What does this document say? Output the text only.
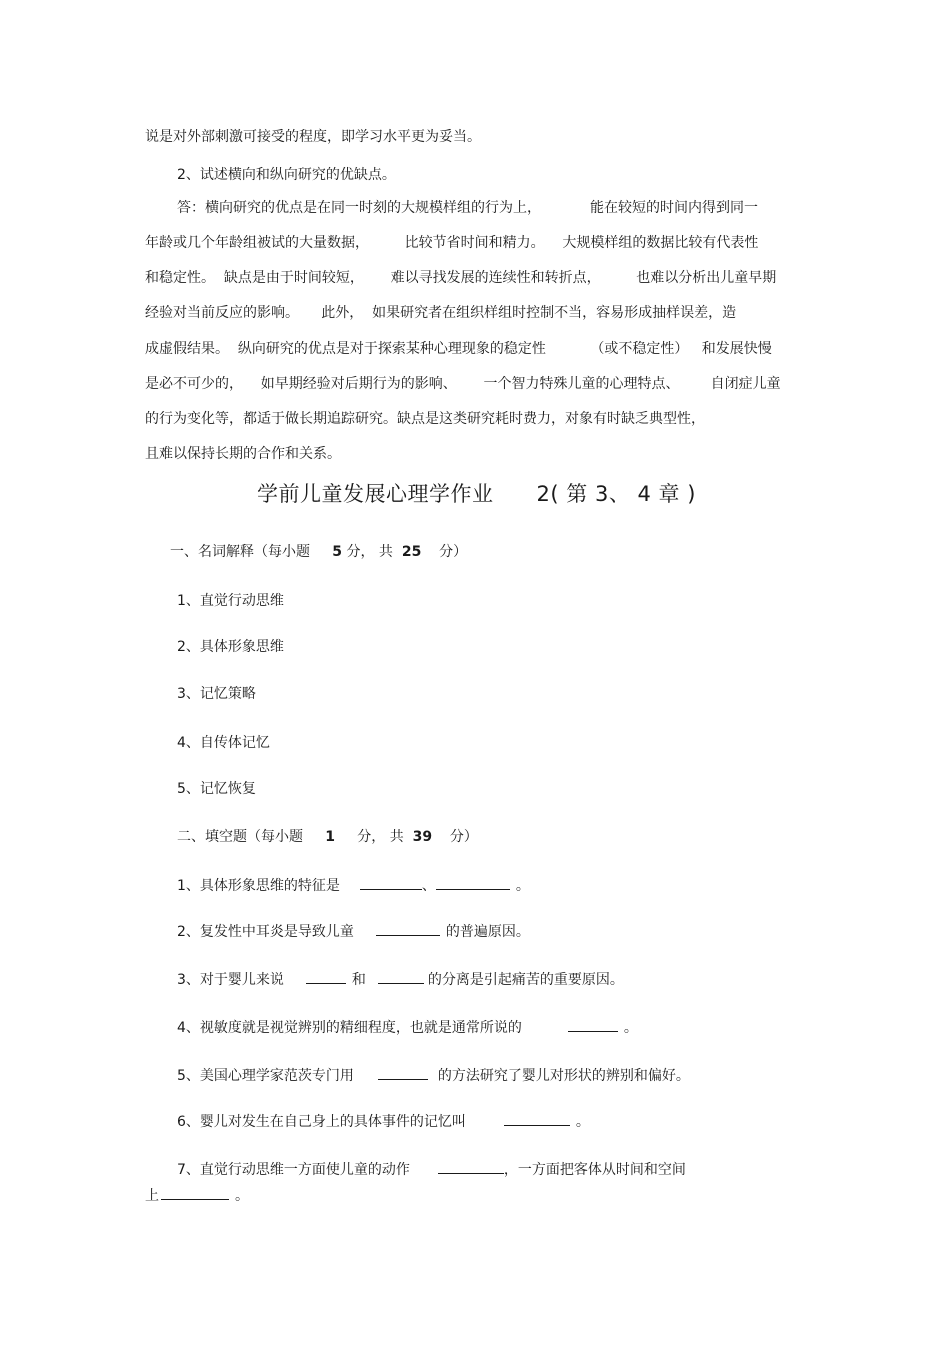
说是对外部刺激可接受的程度，即学习水平更为妥当。
2、试述横向和纵向研究的优缺点。
答：横向研究的优点是在同一时刻的大规模样组的行为上，           能在较短的时间内得到同一
年龄或几个年龄组被试的大量数据，        比较节省时间和精力。    大规模样组的数据比较有代表性
和稳定性。  缺点是由于时间较短，      难以寻找发展的连续性和转折点，        也难以分析出儿童早期
经验对当前反应的影响。     此外，  如果研究者在组织样组时控制不当，容易形成抽样误差，造
成虚假结果。  纵向研究的优点是对于探索某种心理现象的稳定性          （或不稳定性）   和发展快慢
是必不可少的，    如早期经验对后期行为的影响、      一个智力特殊儿童的心理特点、       自闭症儿童
的行为变化等，都适于做长期追踪研究。缺点是这类研究耗时费力，对象有时缺乏典型性，
且难以保持长期的合作和关系。
学前儿童发展心理学作业      2( 第 3、 4 章 )
一、名词解释（每小题     5 分， 共  25    分）
1、直觉行动思维
2、具体形象思维
3、记忆策略
4、自传体记忆
5、记忆恢复
二、填空题（每小题     1     分， 共  39    分）
1、具体形象思维的特征是	、	。
2、复发性中耳炎是导致儿童	的普遍原因。
3、对于婴儿来说	和	的分离是引起痛苦的重要原因。
4、视敏度就是视觉辨别的精细程度，也就是通常所说的	。
5、美国心理学家范茨专门用	的方法研究了婴儿对形状的辨别和偏好。
6、婴儿对发生在自己身上的具体事件的记忆叫	。
7、直觉行动思维一方面使儿童的动作	，一方面把客体从时间和空间
上	。
